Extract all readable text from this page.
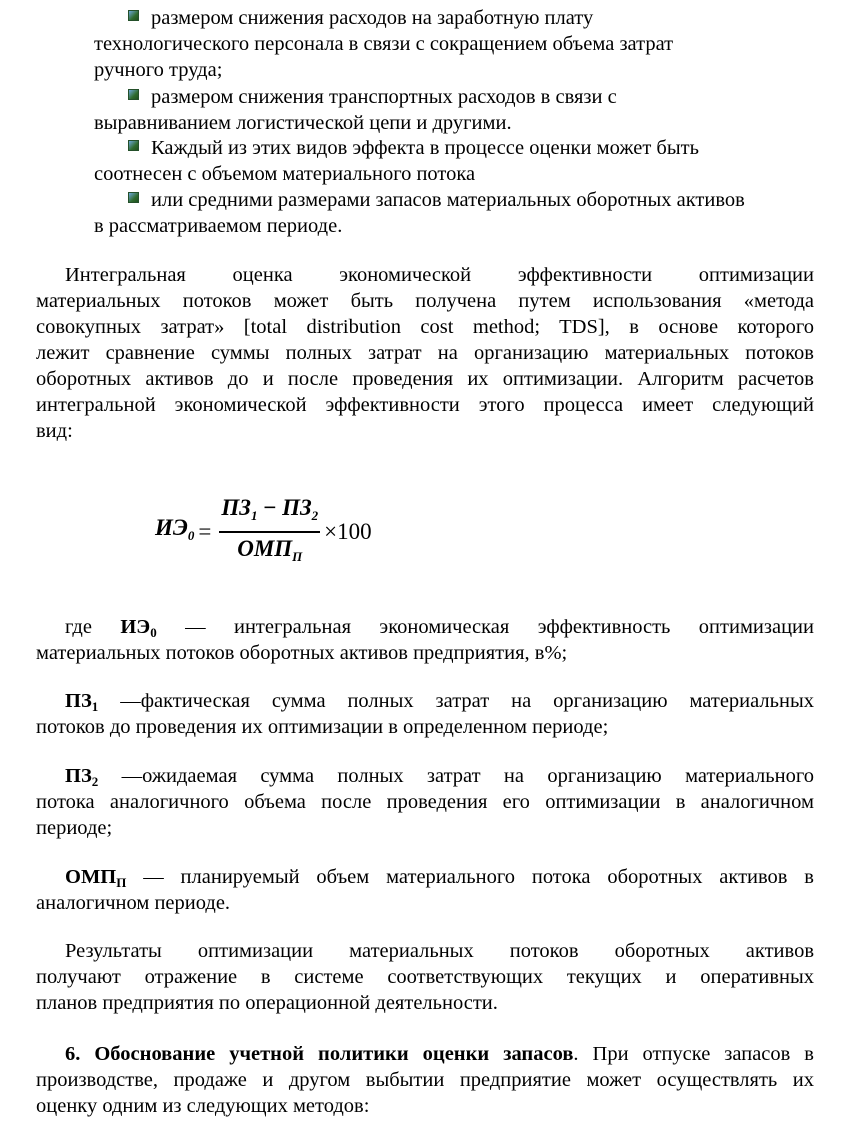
размером снижения расходов на заработную плату
технологического персонала в связи с сокращением объема затрат
ручного труда;
размером снижения транспортных расходов в связи с
выравниванием логистической цепи и другими.
Каждый из этих видов эффекта в процессе оценки может быть
соотнесен с объемом материального потока
или средними размерами запасов материальных оборотных активов
в рассматриваемом периоде.
Интегральная оценка экономической эффективности оптимизации
материальных потоков может быть получена путем использования «метода
совокупных затрат» [total distribution cost method; TDS], в основе которого
лежит сравнение суммы полных затрат на организацию материальных потоков
оборотных активов до и после проведения их оптимизации. Алгоритм расчетов
интегральной экономической эффективности этого процесса имеет следующий
вид:
$ИЭ_0 = \frac{ПЗ_1 - ПЗ_2}{ОМП_П} \times 100$
где $ИЭ_0$ — интегральная экономическая эффективность оптимизации
материальных потоков оборотных активов предприятия, в%;
$ПЗ_1$ —фактическая сумма полных затрат на организацию материальных
потоков до проведения их оптимизации в определенном периоде;
$ПЗ_2$ —ожидаемая сумма полных затрат на организацию материального
потока аналогичного объема после проведения его оптимизации в аналогичном
периоде;
$ОМП_П$ — планируемый объем материального потока оборотных активов в
аналогичном периоде.
Результаты оптимизации материальных потоков оборотных активов
получают отражение в системе соответствующих текущих и оперативных
планов предприятия по операционной деятельности.
6. Обоснование учетной политики оценки запасов. При отпуске запасов в
производстве, продаже и другом выбытии предприятие может осуществлять их
оценку одним из следующих методов:
